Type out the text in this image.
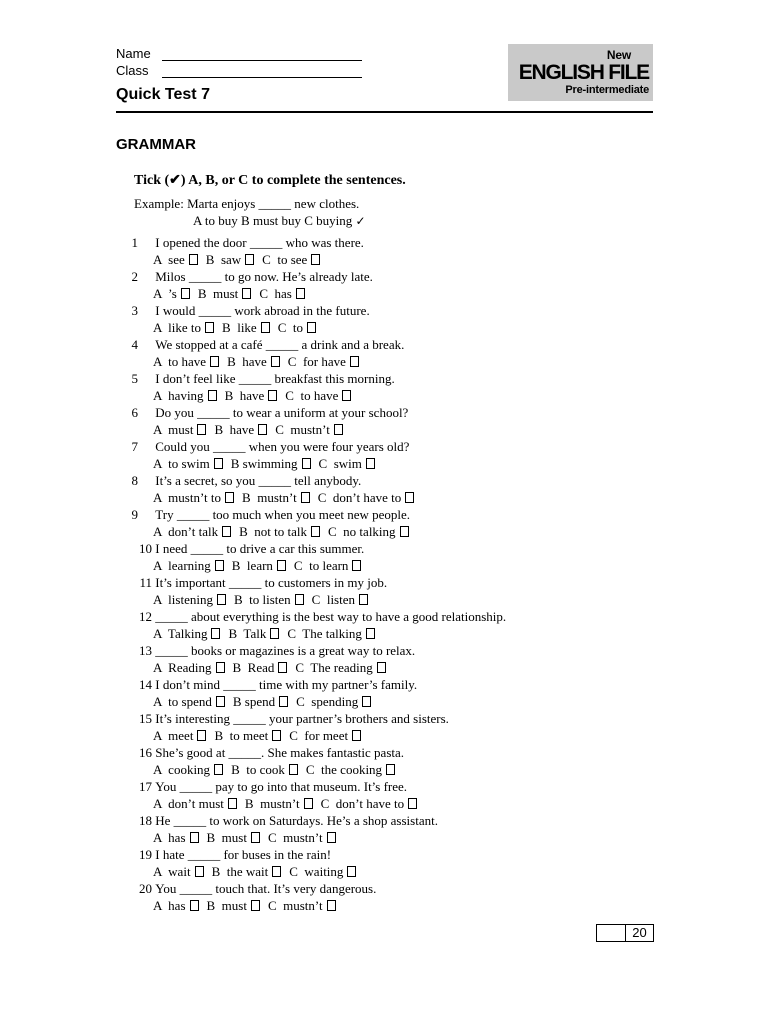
Name
Class
Quick Test 7
New
ENGLISH FILE
Pre-intermediate
GRAMMAR
Tick (✔) A, B, or C to complete the sentences.
Example: Marta enjoys _____ new clothes.
A to buy B must buy C buying ✓
1
I opened the door _____ who was there.
A  see B  saw C  to see
2
Milos _____ to go now. He’s already late.
A  ’s B  must C  has
3
I would _____ work abroad in the future.
A  like to B  like C  to
4
We stopped at a café _____ a drink and a break.
A  to have B  have C  for have
5
I don’t feel like _____ breakfast this morning.
A  having B  have C  to have
6
Do you _____ to wear a uniform at your school?
A  must B  have C  mustn’t
7
Could you _____ when you were four years old?
A  to swim B swimming C  swim
8
It’s a secret, so you _____ tell anybody.
A  mustn’t to B  mustn’t C  don’t have to
9
Try _____ too much when you meet new people.
A  don’t talk B  not to talk C  no talking
10
I need _____ to drive a car this summer.
A  learning B  learn C  to learn
11
It’s important _____ to customers in my job.
A  listening B  to listen C  listen
12
_____ about everything is the best way to have a good relationship.
A  Talking B  Talk C  The talking
13
_____ books or magazines is a great way to relax.
A  Reading B  Read C  The reading
14
I don’t mind _____ time with my partner’s family.
A  to spend B spend C  spending
15
It’s interesting _____ your partner’s brothers and sisters.
A  meet B  to meet C  for meet
16
She’s good at _____. She makes fantastic pasta.
A  cooking B  to cook C  the cooking
17
You _____ pay to go into that museum. It’s free.
A  don’t must B  mustn’t C  don’t have to
18
He _____ to work on Saturdays. He’s a shop assistant.
A  has B  must C  mustn’t
19
I hate _____ for buses in the rain!
A  wait B  the wait C  waiting
20
You _____ touch that. It’s very dangerous.
A  has B  must C  mustn’t
20
